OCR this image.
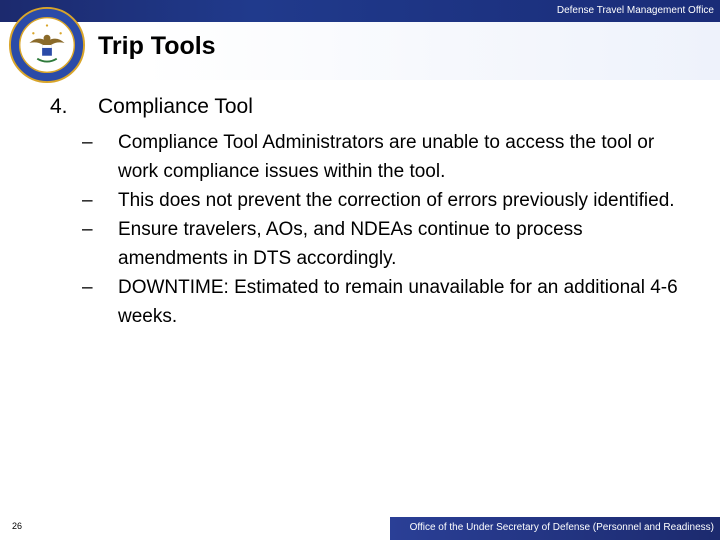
Defense Travel Management Office
Trip Tools
4. Compliance Tool
– Compliance Tool Administrators are unable to access the tool or work compliance issues within the tool.
– This does not prevent the correction of errors previously identified.
– Ensure travelers, AOs, and NDEAs continue to process amendments in DTS accordingly.
– DOWNTIME: Estimated to remain unavailable for an additional 4-6 weeks.
26	Office of the Under Secretary of Defense (Personnel and Readiness)
